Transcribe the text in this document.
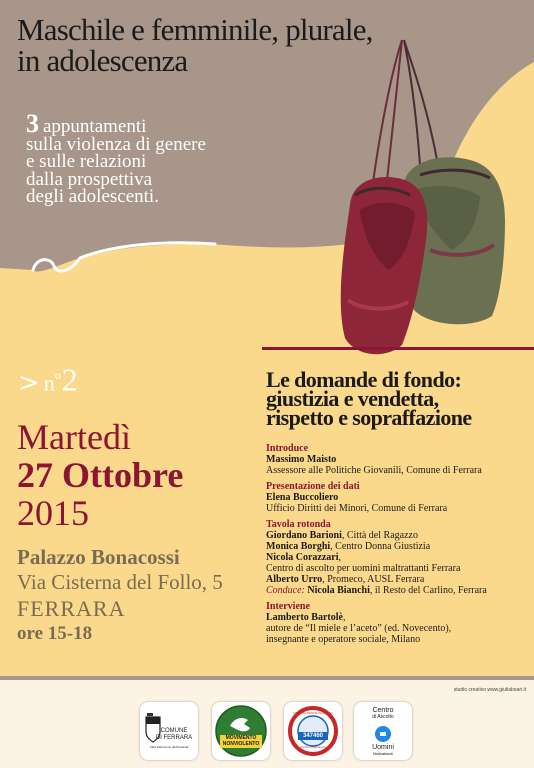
Maschile e femminile, plurale,
in adolescenza
3 appuntamenti
sulla violenza di genere
e sulle relazioni
dalla prospettiva
degli adolescenti.
> $n^o2$
Martedì
27 Ottobre
2015
Palazzo Bonacossi
Via Cisterna del Follo, 5
FERRARA
ore 15-18
Le domande di fondo:
giustizia e vendetta,
rispetto e sopraffazione
Introduce
Massimo Maisto
Assessore alle Politiche Giovanili, Comune di Ferrara
Presentazione dei dati
Elena Buccoliero
Ufficio Diritti dei Minori, Comune di Ferrara
Tavola rotonda
Giordano Barioni, Città del Ragazzo
Monica Borghi, Centro Donna Giustizia
Nicola Corazzari,
Centro di ascolto per uomini maltrattanti Ferrara
Alberto Urro, Promeco, AUSL Ferrara
Conduce: Nicola Bianchi, il Resto del Carlino, Ferrara
Interviene
Lamberto Bartolè,
autore de “Il miele e l’aceto” (ed. Novecento),
insegnante e operatore sociale, Milano
studio creativo www.giuliaboari.it
COMUNE
DI FERRARA
Città Patrimonio dell'Umanità
MOVIMENTO
NONVIOLENTO
CENTRO DONNA GIUSTIZIA
347460
Centro Antiviolenza
Centro
di Ascolto
Uomini
Maltrattanti
